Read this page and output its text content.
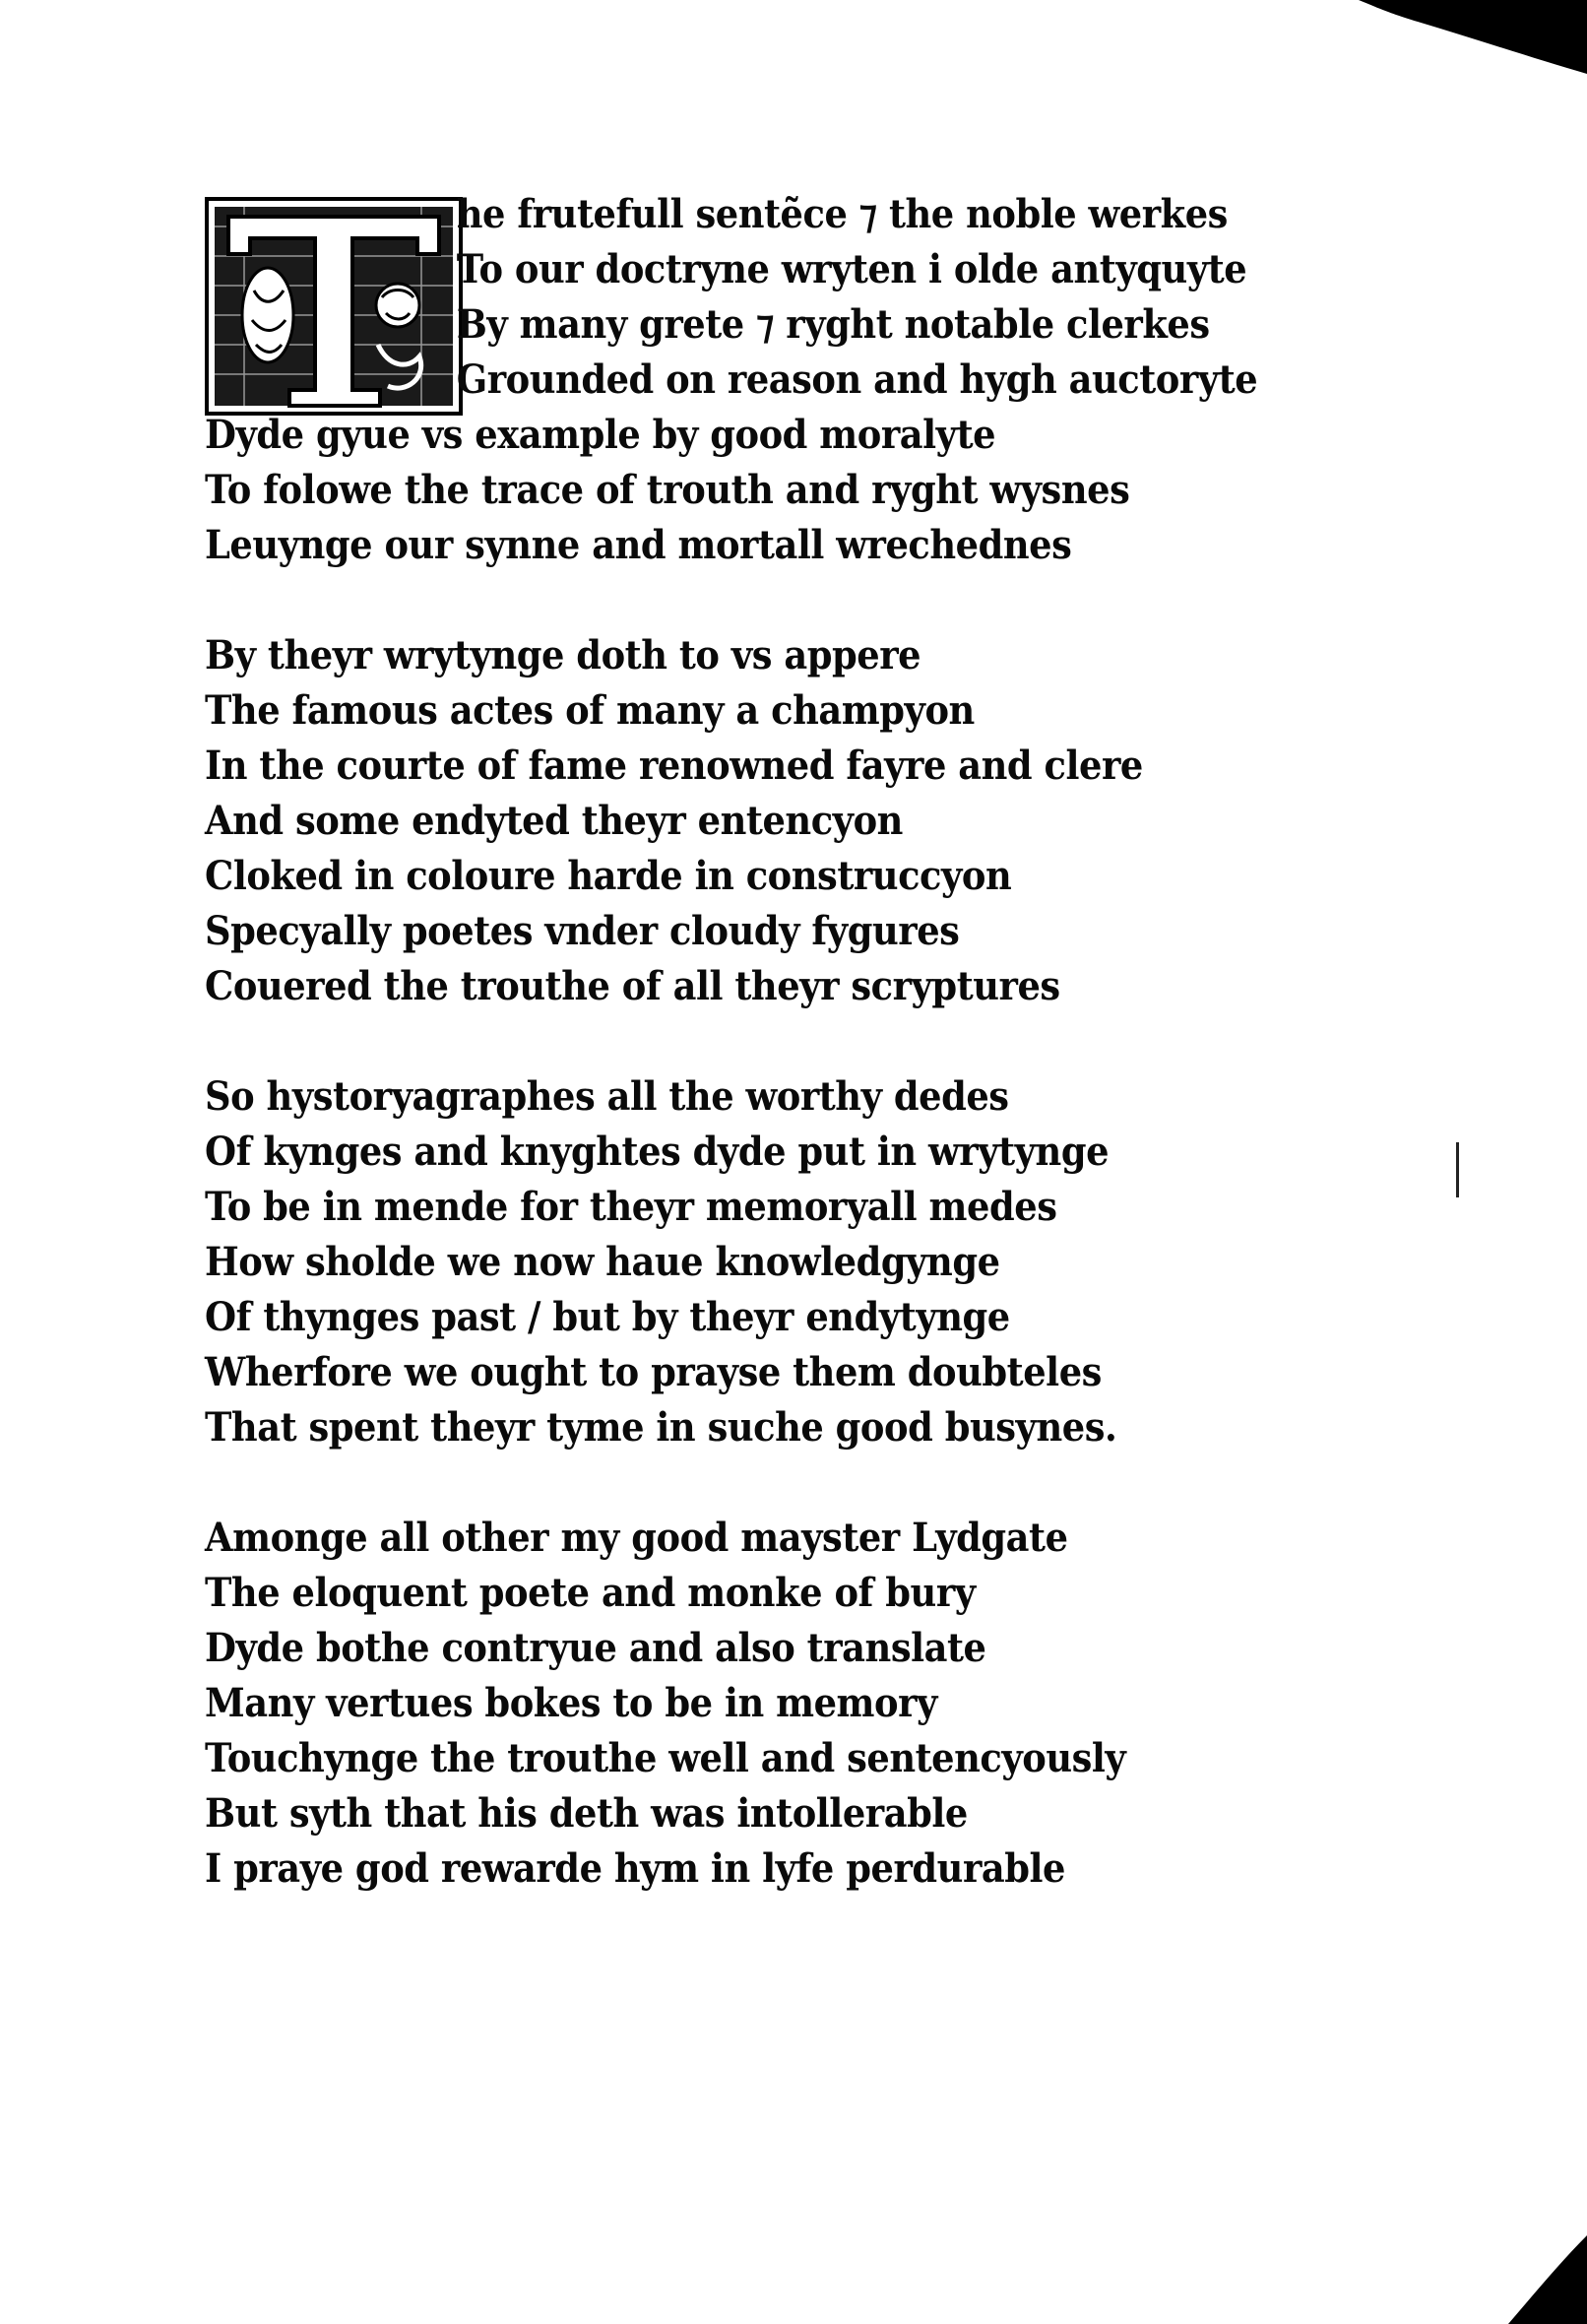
he frutefull sentẽce ⁊ the noble werkes
To our doctryne wryten i olde antyquyte
By many grete ⁊ ryght notable clerkes
Grounded on reason and hygh auctoryte
Dyde gyue vs example by good moralyte
To folowe the trace of trouth and ryght wysnes
Leuynge our synne and mortall wrechednes
By theyr wrytynge doth to vs appere
The famous actes of many a champyon
In the courte of fame renowned fayre and clere
And some endyted theyr entencyon
Cloked in coloure harde in construccyon
Specyally poetes vnder cloudy fygures
Couered the trouthe of all theyr scryptures
So hystoryagraphes all the worthy dedes
Of kynges and knyghtes dyde put in wrytynge
To be in mende for theyr memoryall medes
How sholde we now haue knowledgynge
Of thynges past / but by theyr endytynge
Wherfore we ought to prayse them doubteles
That spent theyr tyme in suche good busynes.
Amonge all other my good mayster Lydgate
The eloquent poete and monke of bury
Dyde bothe contryue and also translate
Many vertues bokes to be in memory
Touchynge the trouthe well and sentencyously
But syth that his deth was intollerable
I praye god rewarde hym in lyfe perdurable
